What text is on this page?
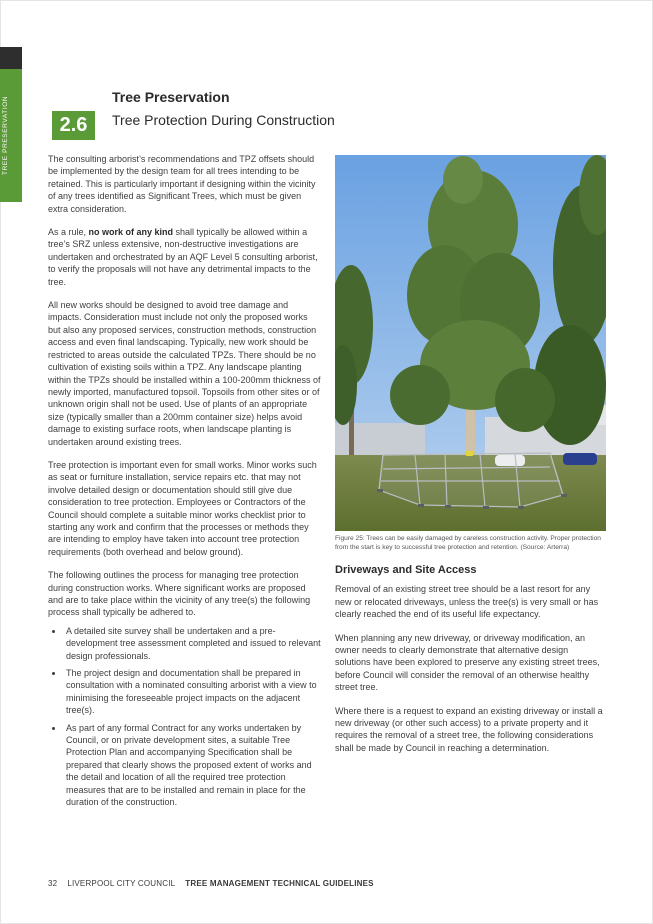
2.6
Tree Preservation
Tree Protection During Construction

The consulting arborist’s recommendations and TPZ offsets should be implemented by the design team for all trees intending to be retained. This is particularly important if designing within the vicinity of any trees identified as Significant Trees, which must be given extra consideration.

As a rule, no work of any kind shall typically be allowed within a tree’s SRZ unless extensive, non-destructive investigations are undertaken and orchestrated by an AQF Level 5 consulting arborist, to verify the proposals will not have any detrimental impacts to the tree.

All new works should be designed to avoid tree damage and impacts. Consideration must include not only the proposed works but also any proposed services, construction methods, construction access and even final landscaping. Typically, new work should be restricted to areas outside the calculated TPZs. There should be no cultivation of existing soils within a TPZ. Any landscape planting within the TPZs should be installed within a 100-200mm thickness of newly imported, manufactured topsoil. Topsoils from other sites or of unknown origin shall not be used. Use of plants of an appropriate size (typically smaller than a 200mm container size) helps avoid damage to existing surface roots, when landscape planting is undertaken around existing trees.

Tree protection is important even for small works. Minor works such as seat or furniture installation, service repairs etc. that may not involve detailed design or documentation should still give due consideration to tree protection. Employees or Contractors of the Council should complete a suitable minor works checklist prior to starting any work and confirm that the processes or methods they are intending to employ have taken into account tree protection requirements (both overhead and below ground).

The following outlines the process for managing tree protection during construction works. Where significant works are proposed and are to take place within the vicinity of any tree(s) the following process shall typically be adhered to.

• A detailed site survey shall be undertaken and a pre-development tree assessment completed and issued to relevant design professionals.
• The project design and documentation shall be prepared in consultation with a nominated consulting arborist with a view to minimising the foreseeable project impacts on the adjacent tree(s).
• As part of any formal Contract for any works undertaken by Council, or on private development sites, a suitable Tree Protection Plan and accompanying Specification shall be prepared that clearly shows the proposed extent of works and the detail and location of all the required tree protection measures that are to be installed and remain in place for the duration of the construction.
Figure 25: Trees can be easily damaged by careless construction activity. Proper protection from the start is key to successful tree protection and retention. (Source: Arterra)
Driveways and Site Access

Removal of an existing street tree should be a last resort for any new or relocated driveways, unless the tree(s) is very small or has clearly reached the end of its useful life expectancy.

When planning any new driveway, or driveway modification, an owner needs to clearly demonstrate that alternative design solutions have been explored to preserve any existing street trees, before Council will consider the removal of an otherwise healthy street tree.

Where there is a request to expand an existing driveway or install a new driveway (or other such access) to a private property and it requires the removal of a street tree, the following considerations shall be made by Council in reaching a determination.

32 LIVERPOOL CITY COUNCIL TREE MANAGEMENT TECHNICAL GUIDELINES
